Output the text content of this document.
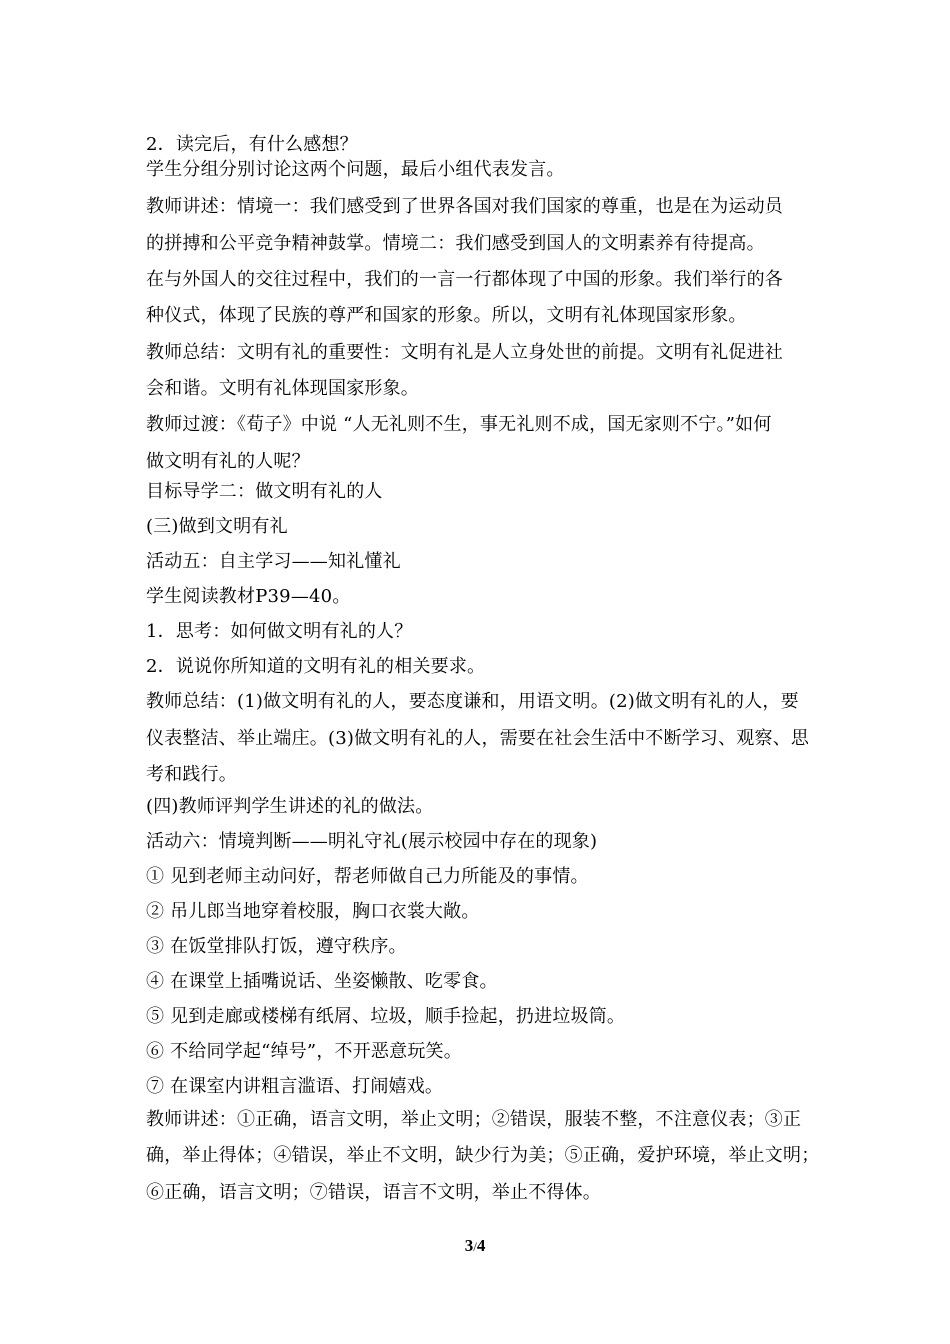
2．读完后，有什么感想？
学生分组分别讨论这两个问题，最后小组代表发言。
教师讲述：情境一：我们感受到了世界各国对我们国家的尊重，也是在为运动员
的拼搏和公平竞争精神鼓掌。情境二：我们感受到国人的文明素养有待提高。
在与外国人的交往过程中，我们的一言一行都体现了中国的形象。我们举行的各
种仪式，体现了民族的尊严和国家的形象。所以，文明有礼体现国家形象。
教师总结：文明有礼的重要性：文明有礼是人立身处世的前提。文明有礼促进社
会和谐。文明有礼体现国家形象。
教师过渡：《荀子》中说 “人无礼则不生，事无礼则不成，国无家则不宁。”如何
做文明有礼的人呢？
目标导学二：做文明有礼的人
(三)做到文明有礼
活动五：自主学习——知礼懂礼
学生阅读教材P39—40。
1．思考：如何做文明有礼的人？
2．说说你所知道的文明有礼的相关要求。
教师总结：(1)做文明有礼的人，要态度谦和，用语文明。(2)做文明有礼的人，要
仪表整洁、举止端庄。(3)做文明有礼的人，需要在社会生活中不断学习、观察、思
考和践行。
(四)教师评判学生讲述的礼的做法。
活动六：情境判断——明礼守礼(展示校园中存在的现象)
① 见到老师主动问好，帮老师做自己力所能及的事情。
② 吊儿郎当地穿着校服，胸口衣裳大敞。
③ 在饭堂排队打饭，遵守秩序。
④ 在课堂上插嘴说话、坐姿懒散、吃零食。
⑤ 见到走廊或楼梯有纸屑、垃圾，顺手捡起，扔进垃圾筒。
⑥ 不给同学起“绰号”，不开恶意玩笑。
⑦ 在课室内讲粗言滥语、打闹嬉戏。
教师讲述：①正确，语言文明，举止文明；②错误，服装不整，不注意仪表；③正
确，举止得体；④错误，举止不文明，缺少行为美；⑤正确，爱护环境，举止文明；
⑥正确，语言文明；⑦错误，语言不文明，举止不得体。
3/4
